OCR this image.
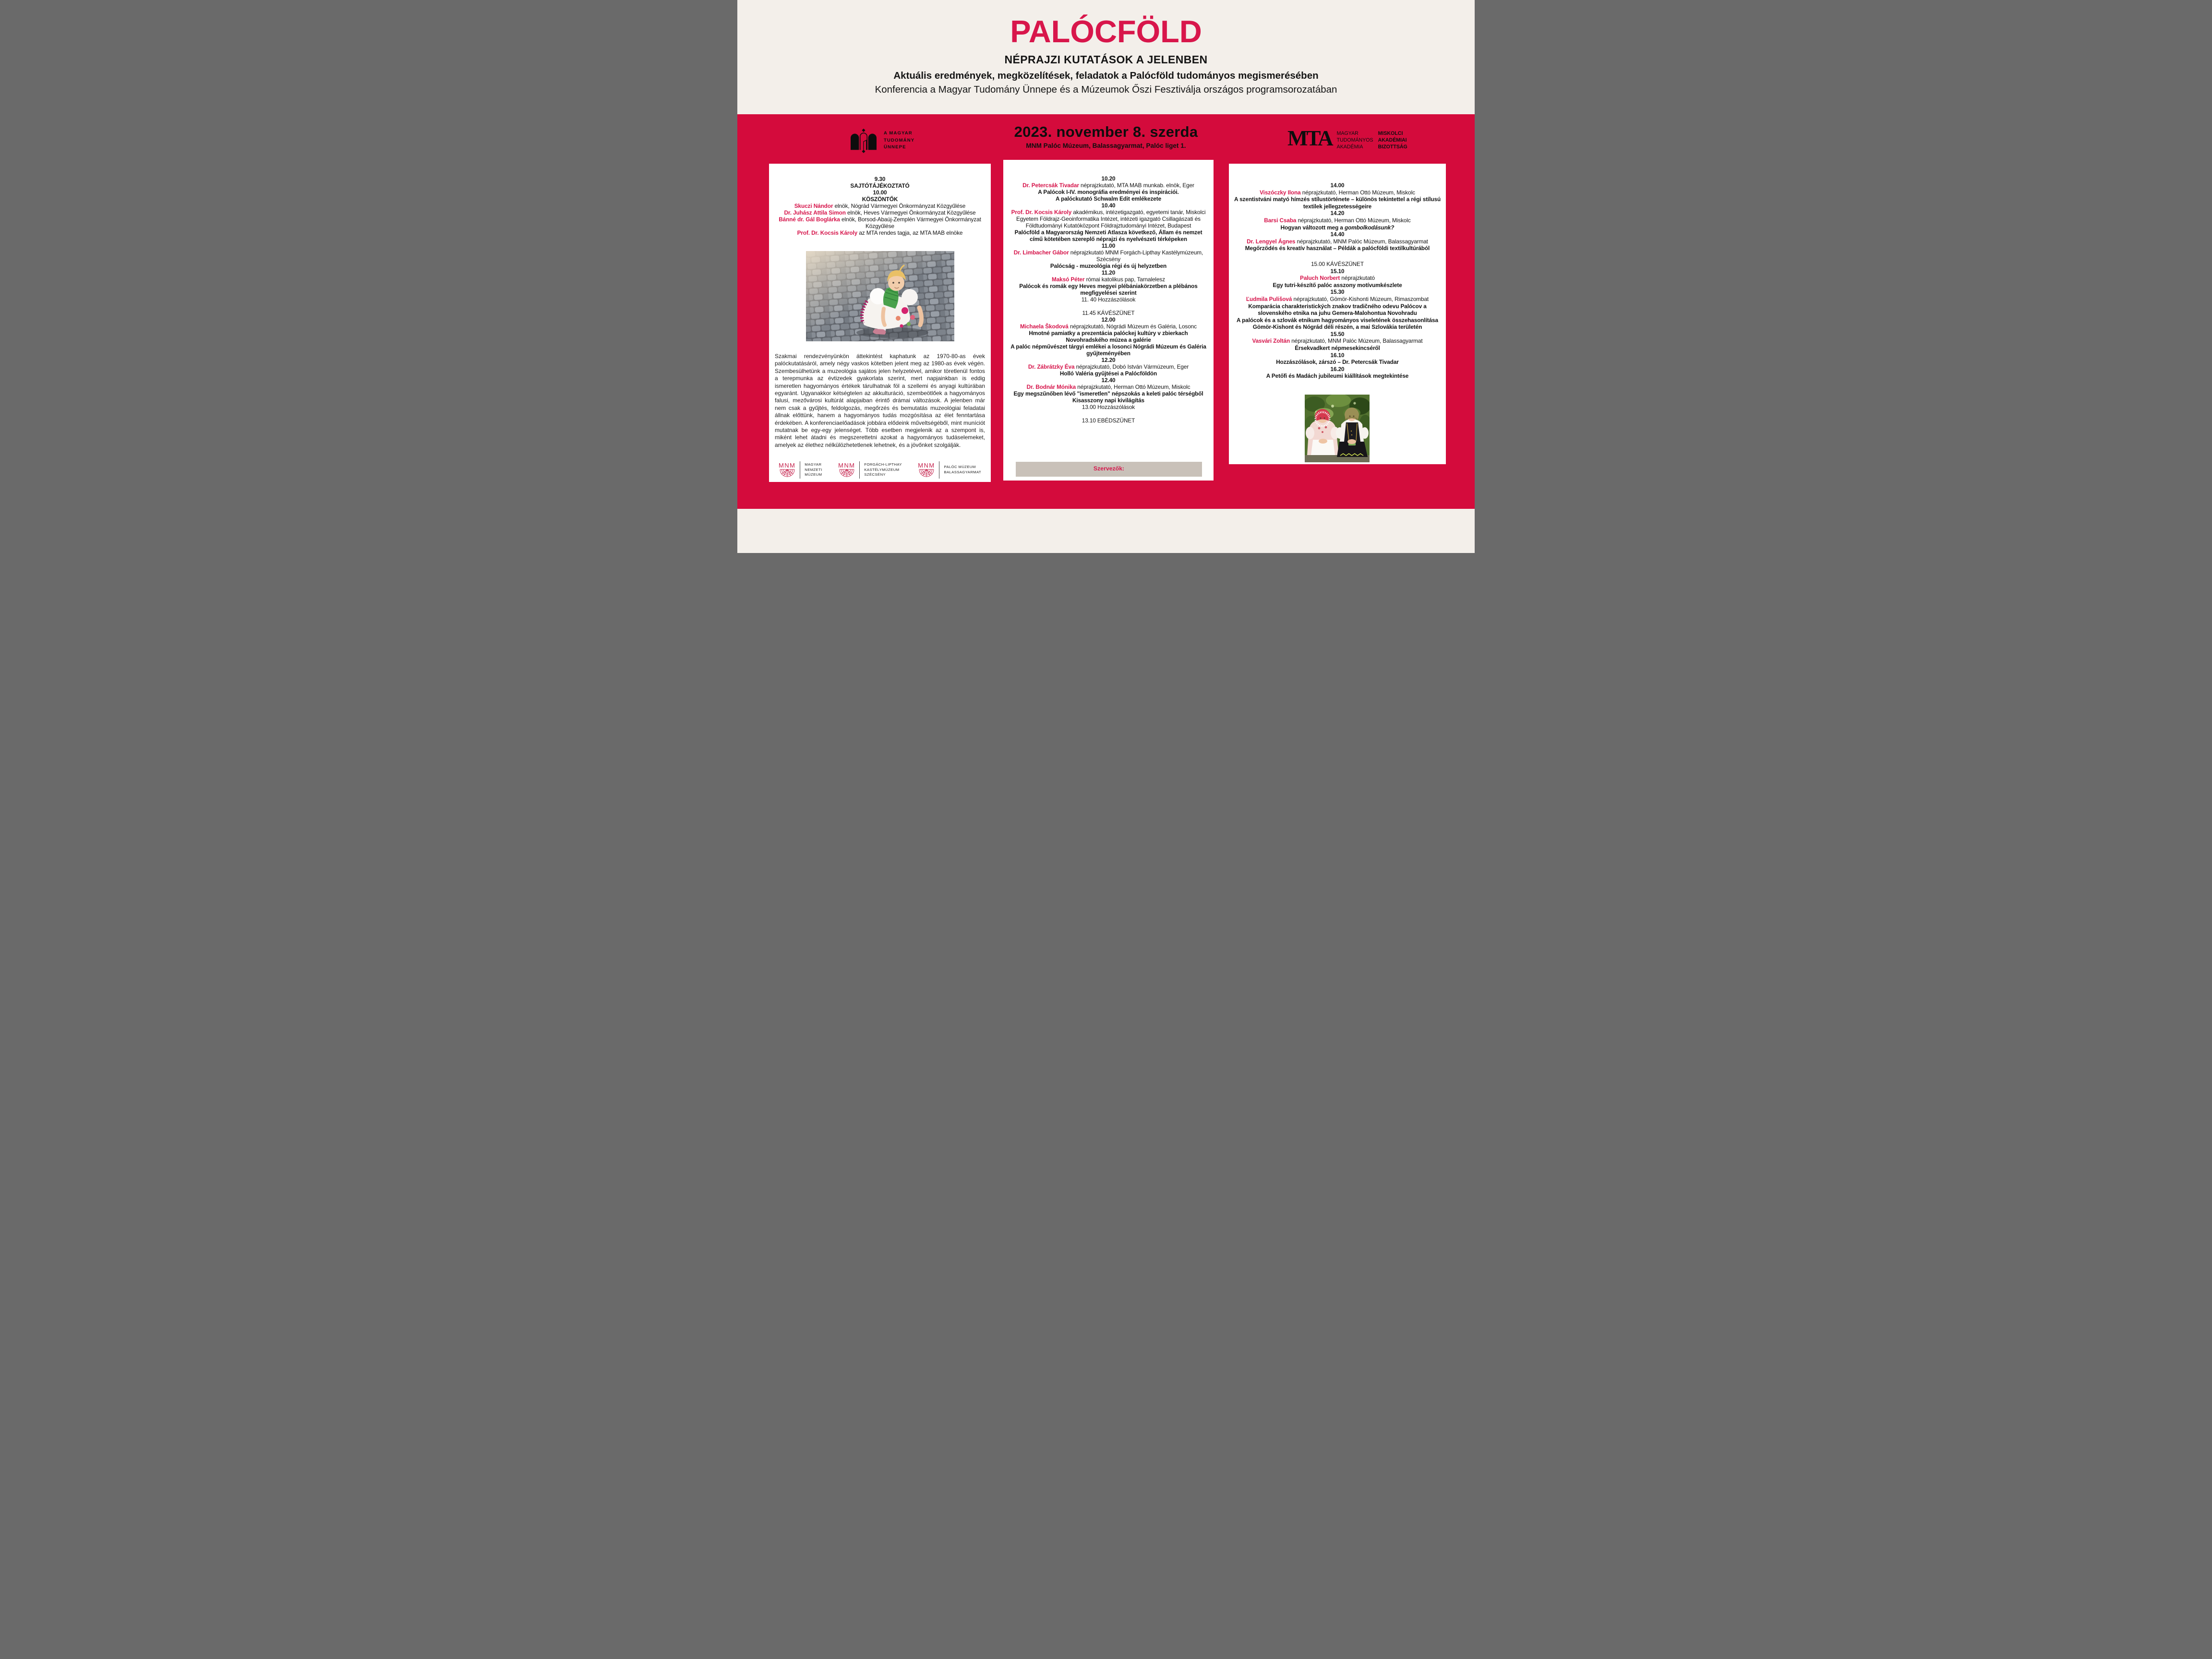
PALÓCFÖLD
NÉPRAJZI KUTATÁSOK A JELENBEN
Aktuális eredmények, megközelítések, feladatok a Palócföld tudományos megismerésében
Konferencia a Magyar Tudomány Ünnepe és a Múzeumok Őszi Fesztiválja országos programsorozatában
A MAGYAR
TUDOMÁNY
ÜNNEPE
2023. november 8. szerda
MNM Palóc Múzeum, Balassagyarmat, Palóc liget 1.	MTA MAGYAR
TUDOMÁNYOS
AKADÉMIA
MISKOLCI
AKADÉMIAI
BIZOTTSÁG
9.30
SAJTÓTÁJÉKOZTATÓ
10.00
KÖSZÖNTŐK
Skuczi Nándor elnök, Nógrád Vármegyei Önkormányzat Közgyűlése
Dr. Juhász Attila Simon elnök, Heves Vármegyei Önkormányzat Közgyűlése
Bánné dr. Gál Boglárka elnök, Borsod-Abaúj-Zemplén Vármegyei Önkormányzat Közgyűlése
Prof. Dr. Kocsis Károly az MTA rendes tagja, az MTA MAB elnöke

Szakmai rendezvényünkön áttekintést kaphatunk az 1970-80-as évek palóckutatásáról, amely négy vaskos kötetben jelent meg az 1980-as évek végén. Szembesülhetünk a muzeológia sajátos jelen helyzetével, amikor töretlenül fontos a terepmunka az évtizedek gyakorlata szerint, mert napjainkban is eddig ismeretlen hagyományos értékek tárulhatnak föl a szellemi és anyagi kultúrában egyaránt. Ugyanakkor kétségtelen az akkulturáció, szembeötlőek a hagyományos falusi, mezővárosi kultúrát alapjaiban érintő drámai változások. A jelenben már nem csak a gyűjtés, feldolgozás, megőrzés és bemutatás muzeológiai feladatai állnak előttünk, hanem a hagyományos tudás mozgósítása az élet fenntartása érdekében. A konferenciaelőadások jobbára elődeink műveltségéből, mint muníciót mutatnak be egy-egy jelenséget. Több esetben megjelenik az a szempont is, miként lehet átadni és megszerettetni azokat a hagyományos tudáselemeket, amelyek az élethez nélkülözhetetlenek lehetnek, és a jövőnket szolgálják.

MNM MAGYAR
NEMZETI
MÚZEUM
MNM FORGÁCH-LIPTHAY
KASTÉLYMÚZEUM
SZÉCSÉNY
MNM PALÓC MÚZEUM
BALASSAGYARMAT
10.20
Dr. Petercsák Tivadar néprajzkutató, MTA MAB munkab. elnök, Eger
A Palócok I-IV. monográfia eredményei és inspirációi.
A palóckutató Schwalm Edit emlékezete
10.40
Prof. Dr. Kocsis Károly akadémikus, intézetigazgató, egyetemi tanár, Miskolci Egyetem Földrajz-Geoinformatika Intézet, intézeti igazgató Csillagászati és Földtudományi Kutatóközpont Földrajztudományi Intézet, Budapest
Palócföld a Magyarország Nemzeti Atlasza következő, Állam és nemzet című kötetében szereplő néprajzi és nyelvészeti térképeken
11.00
Dr. Limbacher Gábor néprajzkutató MNM Forgách-Lipthay Kastélymúzeum, Szécsény
Palócság - muzeológia régi és új helyzetben
11.20
Maksó Péter római katolikus pap, Tarnalelesz
Palócok és romák egy Heves megyei plébániakörzetben a plébános megfigyelései szerint
11. 40 Hozzászólások
11.45 KÁVÉSZÜNET
12.00
Michaela Škodová néprajzkutató, Nógrádi Múzeum és Galéria, Losonc
Hmotné pamiatky a prezentácia palóckej kultúry v zbierkach Novohradského múzea a galérie
A palóc népművészet tárgyi emlékei a losonci Nógrádi Múzeum és Galéria gyűjteményében
12.20
Dr. Zábrátzky Éva néprajzkutató, Dobó István Vármúzeum, Eger
Holló Valéria gyűjtései a Palócföldön
12.40
Dr. Bodnár Mónika néprajzkutató, Herman Ottó Múzeum, Miskolc
Egy megszűnőben lévő "ismeretlen" népszokás a keleti palóc térségből
Kisasszony napi kivilágítás
13.00 Hozzászólások
13.10 EBÉDSZÜNET
Szervezők:
14.00
Viszóczky Ilona néprajzkutató, Herman Ottó Múzeum, Miskolc
A szentistváni matyó hímzés stílustörténete – különös tekintettel a régi stílusú textilek jellegzetességeire
14.20
Barsi Csaba néprajzkutató, Herman Ottó Múzeum, Miskolc
Hogyan változott meg a gombolkodásunk?
14.40
Dr. Lengyel Ágnes néprajzkutató, MNM Palóc Múzeum, Balassagyarmat
Megőrződés és kreatív használat – Példák a palócföldi textilkultúrából
15.00 KÁVÉSZÜNET
15.10
Paluch Norbert néprajzkutató
Egy tutri-készítő palóc asszony motívumkészlete
15.30
Ľudmila Pulišová néprajzkutató, Gömör-Kishonti Múzeum, Rimaszombat
Komparácia charakteristických znakov tradičného odevu Palócov a slovenského etnika na juhu Gemera-Malohontua Novohradu
A palócok és a szlovák etnikum hagyományos viseletének összehasonlítása Gömör-Kishont és Nógrád déli részén, a mai Szlovákia területén
15.50
Vasvári Zoltán néprajzkutató, MNM Palóc Múzeum, Balassagyarmat
Érsekvadkert népmesekincséről
16.10
Hozzászólások, zárszó – Dr. Petercsák Tivadar
16.20
A Petőfi és Madách jubileumi kiállítások megtekintése
